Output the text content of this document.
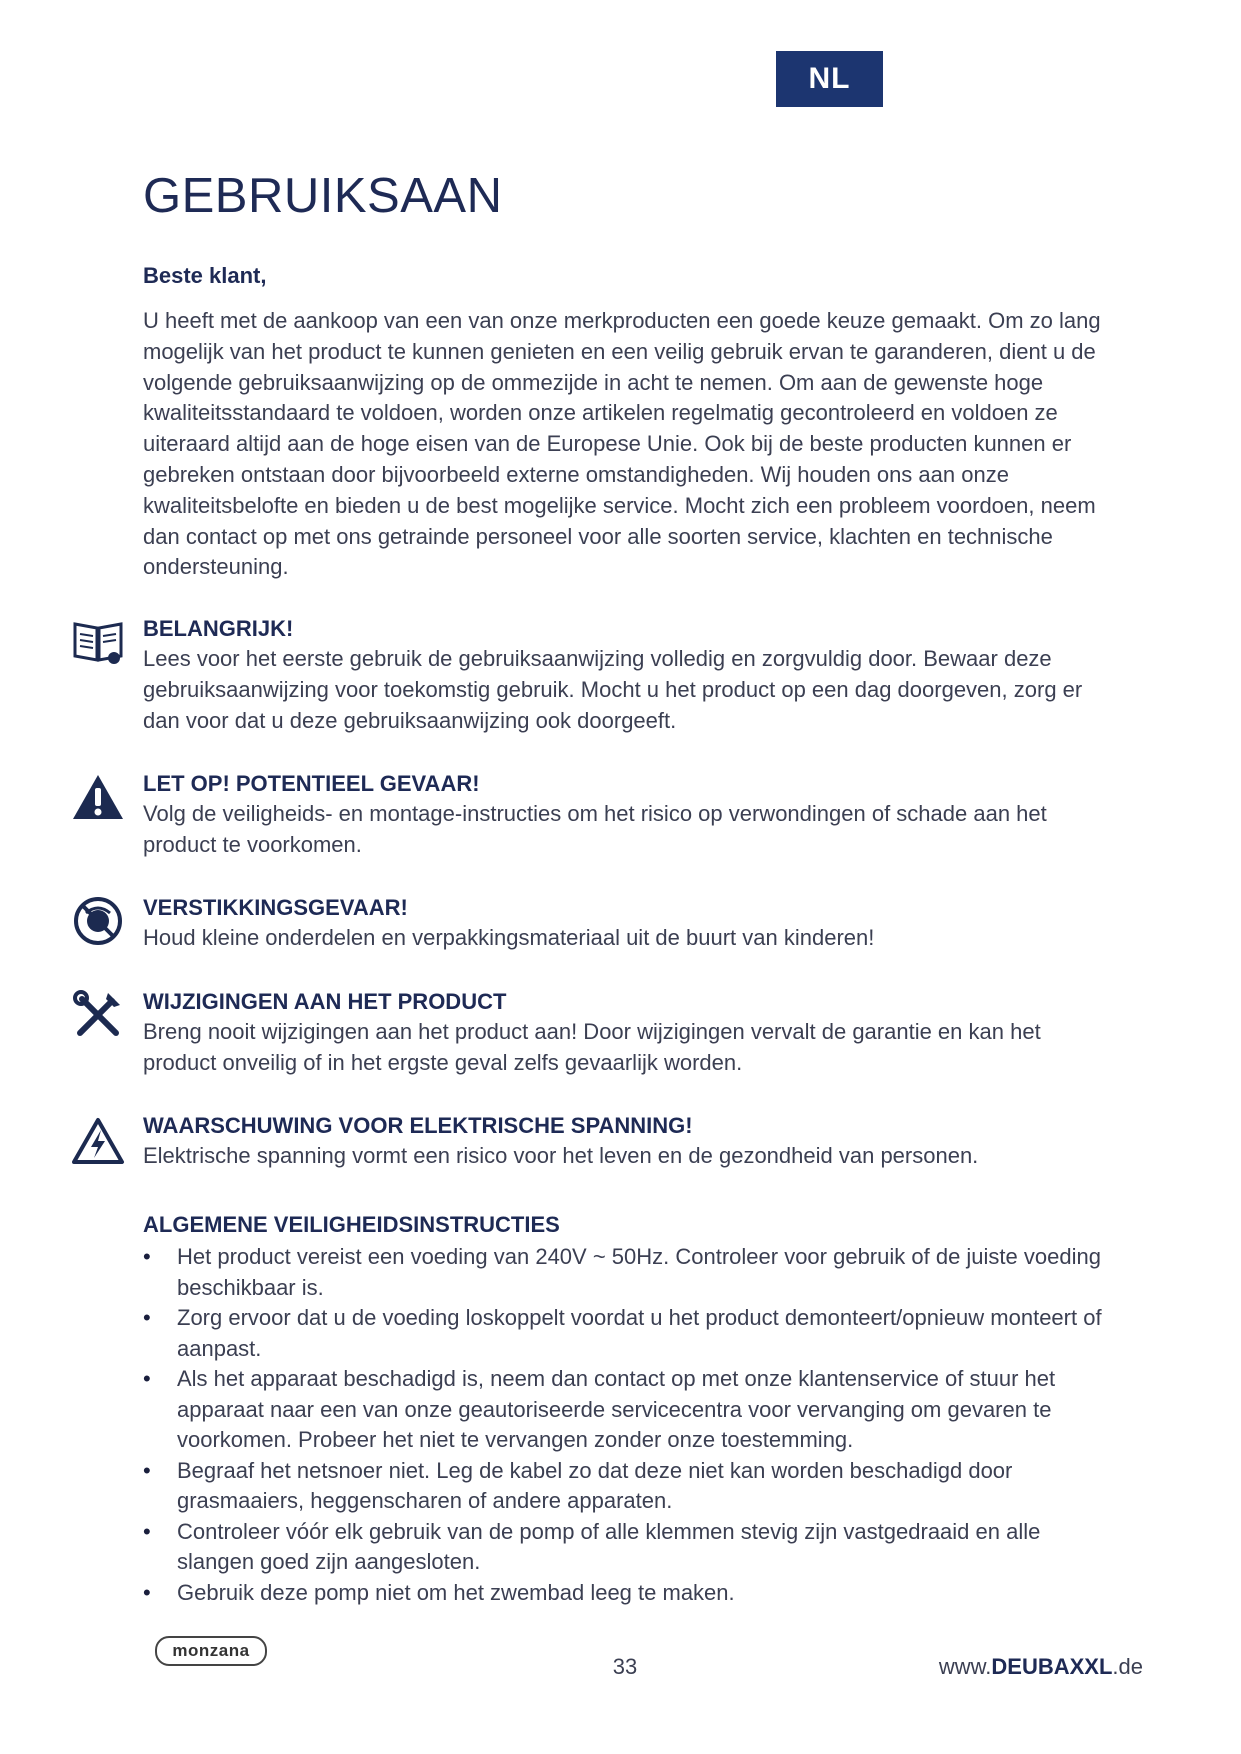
NL
GEBRUIKSAAN
Beste klant,

U heeft met de aankoop van een van onze merkproducten een goede keuze gemaakt. Om zo lang mogelijk van het product te kunnen genieten en een veilig gebruik ervan te garanderen, dient u de volgende gebruiksaanwijzing op de ommezijde in acht te nemen. Om aan de gewenste hoge kwaliteitsstandaard te voldoen, worden onze artikelen regelmatig gecontroleerd en voldoen ze uiteraard altijd aan de hoge eisen van de Europese Unie. Ook bij de beste producten kunnen er gebreken ontstaan door bijvoorbeeld externe omstandigheden. Wij houden ons aan onze kwaliteitsbelofte en bieden u de best mogelijke service. Mocht zich een probleem voordoen, neem dan contact op met ons getrainde personeel voor alle soorten service, klachten en technische ondersteuning.

BELANGRIJK!

Lees voor het eerste gebruik de gebruiksaanwijzing volledig en zorgvuldig door. Bewaar deze gebruiksaanwijzing voor toekomstig gebruik. Mocht u het product op een dag doorgeven, zorg er dan voor dat u deze gebruiksaanwijzing ook doorgeeft.

LET OP! POTENTIEEL GEVAAR!

Volg de veiligheids- en montage-instructies om het risico op verwondingen of schade aan het product te voorkomen.

VERSTIKKINGSGEVAAR!

Houd kleine onderdelen en verpakkingsmateriaal uit de buurt van kinderen!

WIJZIGINGEN AAN HET PRODUCT

Breng nooit wijzigingen aan het product aan! Door wijzigingen vervalt de garantie en kan het product onveilig of in het ergste geval zelfs gevaarlijk worden.

WAARSCHUWING VOOR ELEKTRISCHE SPANNING!

Elektrische spanning vormt een risico voor het leven en de gezondheid van personen.

ALGEMENE VEILIGHEIDSINSTRUCTIES
• Het product vereist een voeding van 240V ~ 50Hz. Controleer voor gebruik of de juiste voeding beschikbaar is.
• Zorg ervoor dat u de voeding loskoppelt voordat u het product demonteert/opnieuw monteert of aanpast.
• Als het apparaat beschadigd is, neem dan contact op met onze klantenservice of stuur het apparaat naar een van onze geautoriseerde servicecentra voor vervanging om gevaren te voorkomen. Probeer het niet te vervangen zonder onze toestemming.
• Begraaf het netsnoer niet. Leg de kabel zo dat deze niet kan worden beschadigd door grasmaaiers, heggenscharen of andere apparaten.
• Controleer vóór elk gebruik van de pomp of alle klemmen stevig zijn vastgedraaid en alle slangen goed zijn aangesloten.
• Gebruik deze pomp niet om het zwembad leeg te maken.
monzana
33	www.DEUBAXXL.de
